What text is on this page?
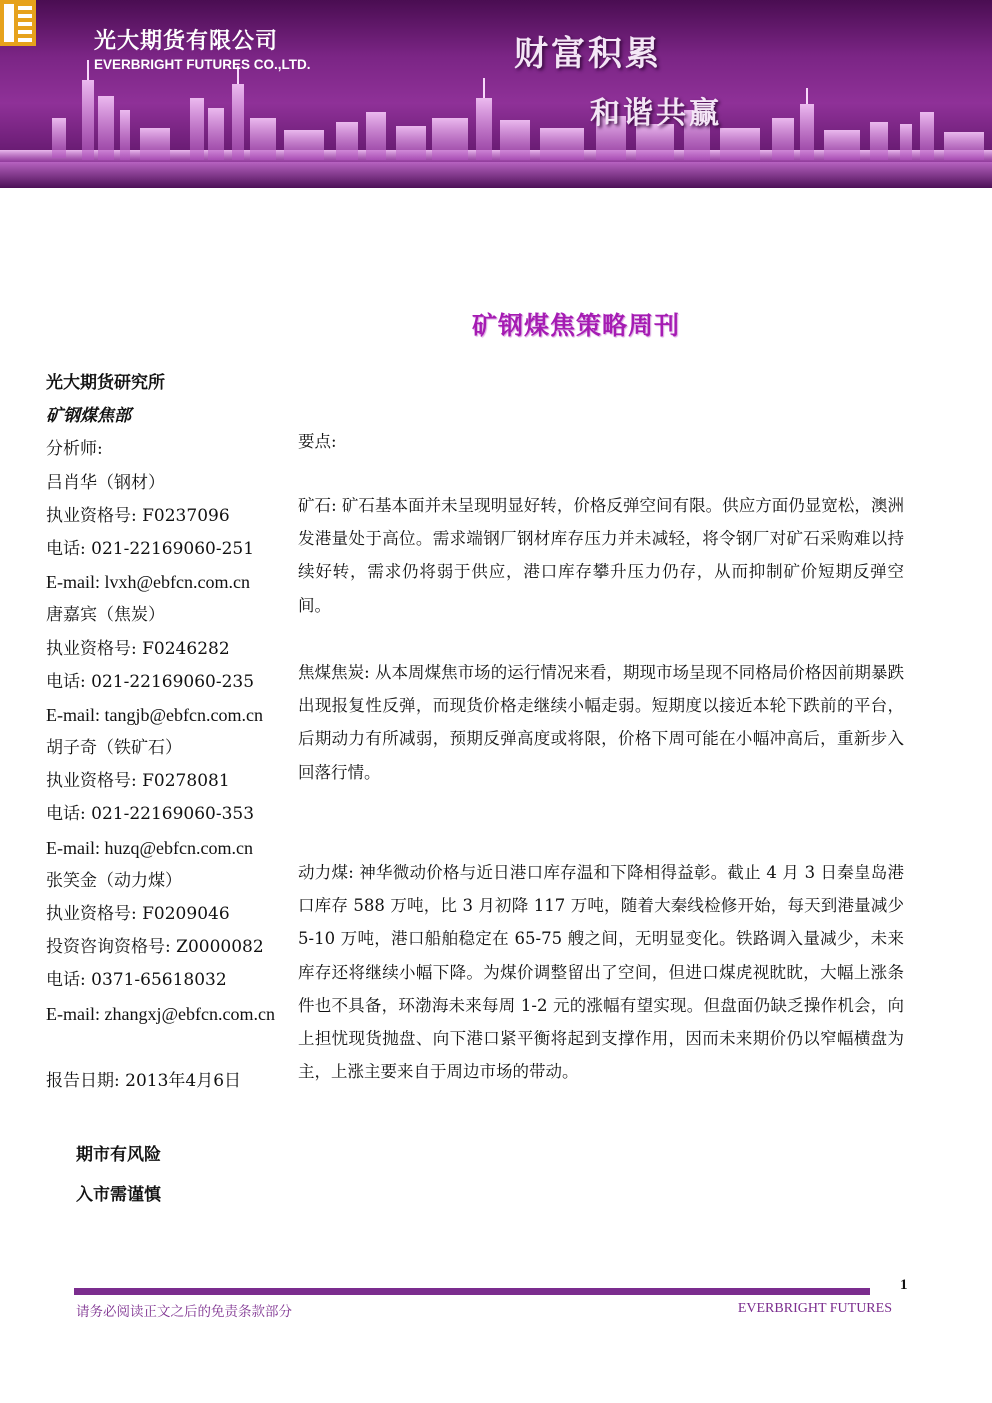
光大期货有限公司
EVERBRIGHT FUTURES CO.,LTD.	财富积累
和谐共赢
矿钢煤焦策略周刊
光大期货研究所
矿钢煤焦部
分析师:
吕肖华（钢材）
执业资格号: F0237096
电话: 021-22169060-251
E-mail: lvxh@ebfcn.com.cn
唐嘉宾（焦炭）
执业资格号: F0246282
电话: 021-22169060-235
E-mail: tangjb@ebfcn.com.cn
胡子奇（铁矿石）
执业资格号: F0278081
电话: 021-22169060-353
E-mail: huzq@ebfcn.com.cn
张笑金（动力煤）
执业资格号: F0209046
投资咨询资格号: Z0000082
电话: 0371-65618032
E-mail: zhangxj@ebfcn.com.cn
报告日期: 2013年4月6日
期市有风险
入市需谨慎
要点:
矿石: 矿石基本面并未呈现明显好转，价格反弹空间有限。供应方面仍显宽松，澳洲发港量处于高位。需求端钢厂钢材库存压力并未减轻，将令钢厂对矿石采购难以持续好转，需求仍将弱于供应，港口库存攀升压力仍存，从而抑制矿价短期反弹空间。
焦煤焦炭: 从本周煤焦市场的运行情况来看，期现市场呈现不同格局价格因前期暴跌出现报复性反弹，而现货价格走继续小幅走弱。短期度以接近本轮下跌前的平台，后期动力有所减弱，预期反弹高度或将限，价格下周可能在小幅冲高后，重新步入回落行情。
动力煤: 神华微动价格与近日港口库存温和下降相得益彰。截止 4 月 3 日秦皇岛港口库存 588 万吨，比 3 月初降 117 万吨，随着大秦线检修开始，每天到港量减少 5-10 万吨，港口船舶稳定在 65-75 艘之间，无明显变化。铁路调入量减少，未来库存还将继续小幅下降。为煤价调整留出了空间，但进口煤虎视眈眈，大幅上涨条件也不具备，环渤海未来每周 1-2 元的涨幅有望实现。但盘面仍缺乏操作机会，向上担忧现货抛盘、向下港口紧平衡将起到支撑作用，因而未来期价仍以窄幅横盘为主，上涨主要来自于周边市场的带动。
1
请务必阅读正文之后的免责条款部分	EVERBRIGHT FUTURES
